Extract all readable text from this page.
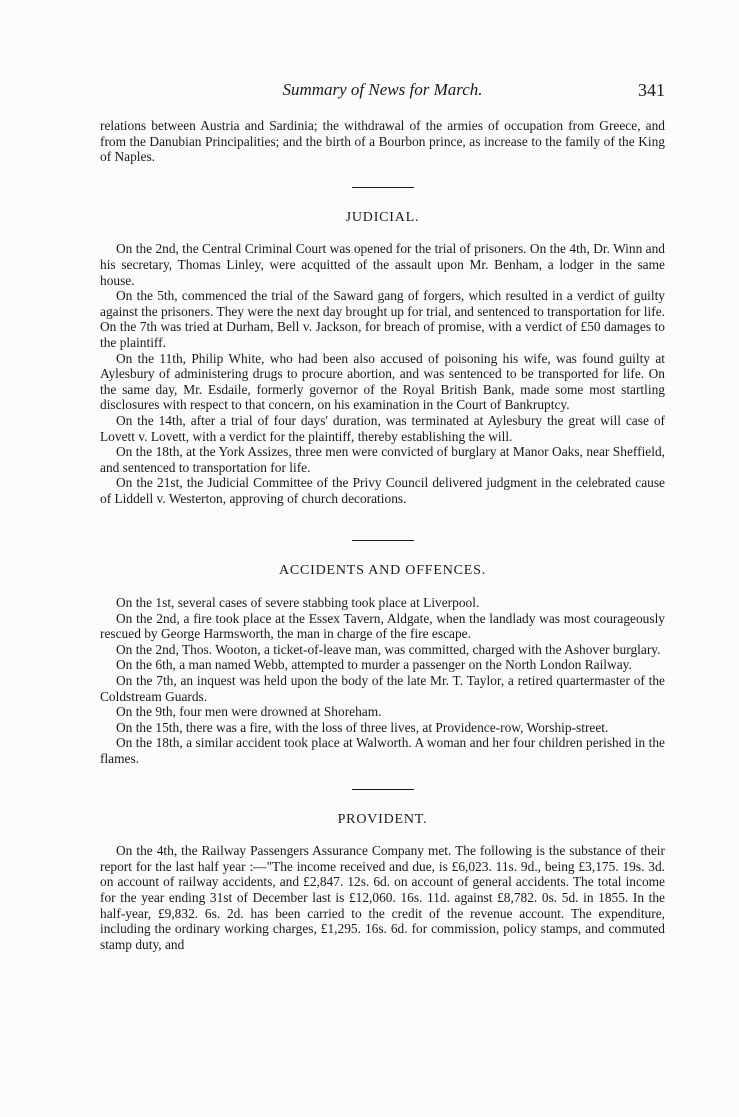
Summary of News for March.	341

relations between Austria and Sardinia; the withdrawal of the armies of occupation from Greece, and from the Danubian Principalities; and the birth of a Bourbon prince, as increase to the family of the King of Naples.

JUDICIAL.

On the 2nd, the Central Criminal Court was opened for the trial of prisoners. On the 4th, Dr. Winn and his secretary, Thomas Linley, were acquitted of the assault upon Mr. Benham, a lodger in the same house.

On the 5th, commenced the trial of the Saward gang of forgers, which resulted in a verdict of guilty against the prisoners. They were the next day brought up for trial, and sentenced to transportation for life. On the 7th was tried at Durham, Bell v. Jackson, for breach of promise, with a verdict of £50 damages to the plaintiff.

On the 11th, Philip White, who had been also accused of poisoning his wife, was found guilty at Aylesbury of administering drugs to procure abortion, and was sentenced to be transported for life. On the same day, Mr. Esdaile, formerly governor of the Royal British Bank, made some most startling disclosures with respect to that concern, on his examination in the Court of Bankruptcy.

On the 14th, after a trial of four days' duration, was terminated at Aylesbury the great will case of Lovett v. Lovett, with a verdict for the plaintiff, thereby establishing the will.

On the 18th, at the York Assizes, three men were convicted of burglary at Manor Oaks, near Sheffield, and sentenced to transportation for life.

On the 21st, the Judicial Committee of the Privy Council delivered judgment in the celebrated cause of Liddell v. Westerton, approving of church decorations.

ACCIDENTS AND OFFENCES.

On the 1st, several cases of severe stabbing took place at Liverpool.

On the 2nd, a fire took place at the Essex Tavern, Aldgate, when the landlady was most courageously rescued by George Harmsworth, the man in charge of the fire escape.

On the 2nd, Thos. Wooton, a ticket-of-leave man, was committed, charged with the Ashover burglary.

On the 6th, a man named Webb, attempted to murder a passenger on the North London Railway.

On the 7th, an inquest was held upon the body of the late Mr. T. Taylor, a retired quartermaster of the Coldstream Guards.

On the 9th, four men were drowned at Shoreham.

On the 15th, there was a fire, with the loss of three lives, at Providence-row, Worship-street.

On the 18th, a similar accident took place at Walworth. A woman and her four children perished in the flames.

PROVIDENT.

On the 4th, the Railway Passengers Assurance Company met. The following is the substance of their report for the last half year :—"The income received and due, is £6,023. 11s. 9d., being £3,175. 19s. 3d. on account of railway accidents, and £2,847. 12s. 6d. on account of general accidents. The total income for the year ending 31st of December last is £12,060. 16s. 11d. against £8,782. 0s. 5d. in 1855. In the half-year, £9,832. 6s. 2d. has been carried to the credit of the revenue account. The expenditure, including the ordinary working charges, £1,295. 16s. 6d. for commission, policy stamps, and commuted stamp duty, and
